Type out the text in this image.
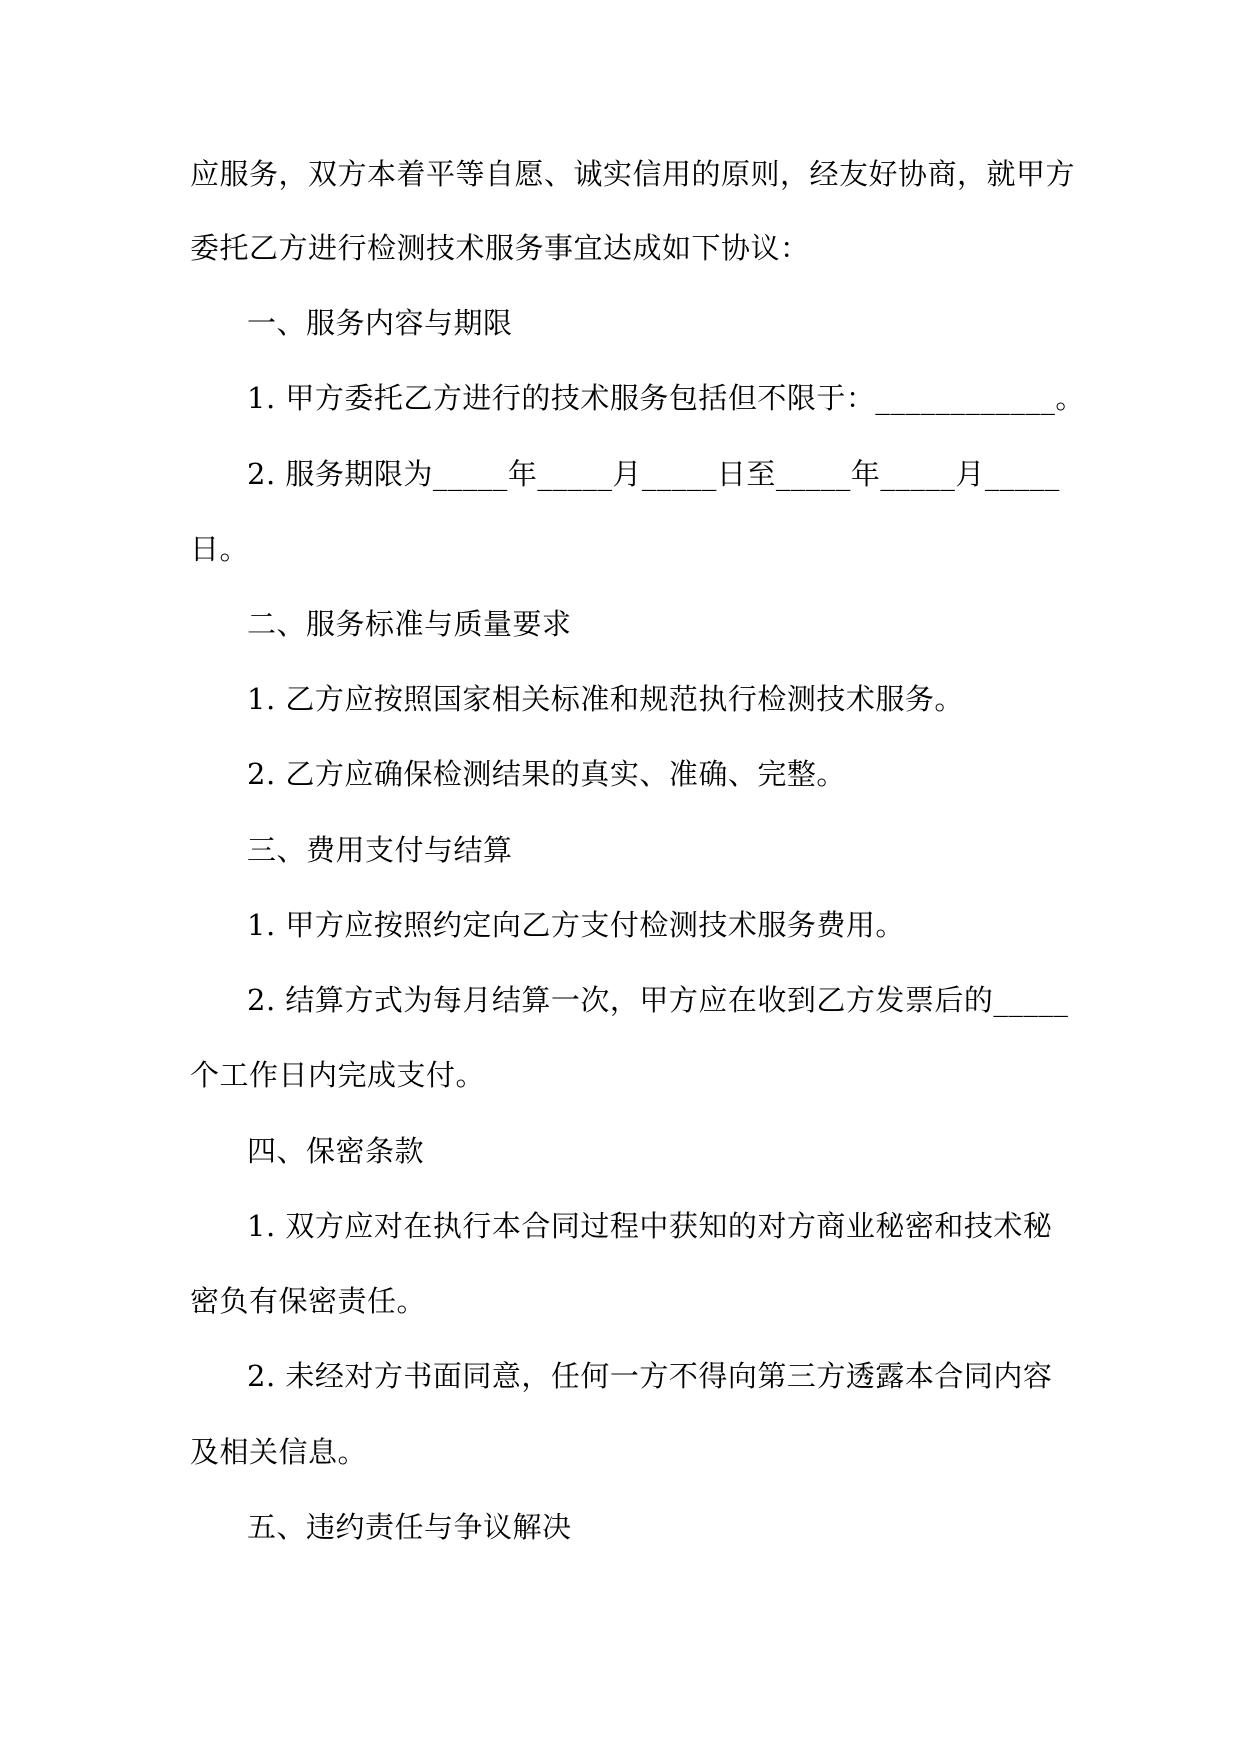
应服务，双方本着平等自愿、诚实信用的原则，经友好协商，就甲方
委托乙方进行检测技术服务事宜达成如下协议：
一、服务内容与期限
1. 甲方委托乙方进行的技术服务包括但不限于：____________。
2. 服务期限为_____年_____月_____日至_____年_____月_____
日。
二、服务标准与质量要求
1. 乙方应按照国家相关标准和规范执行检测技术服务。
2. 乙方应确保检测结果的真实、准确、完整。
三、费用支付与结算
1. 甲方应按照约定向乙方支付检测技术服务费用。
2. 结算方式为每月结算一次，甲方应在收到乙方发票后的_____
个工作日内完成支付。
四、保密条款
1. 双方应对在执行本合同过程中获知的对方商业秘密和技术秘
密负有保密责任。
2. 未经对方书面同意，任何一方不得向第三方透露本合同内容
及相关信息。
五、违约责任与争议解决
